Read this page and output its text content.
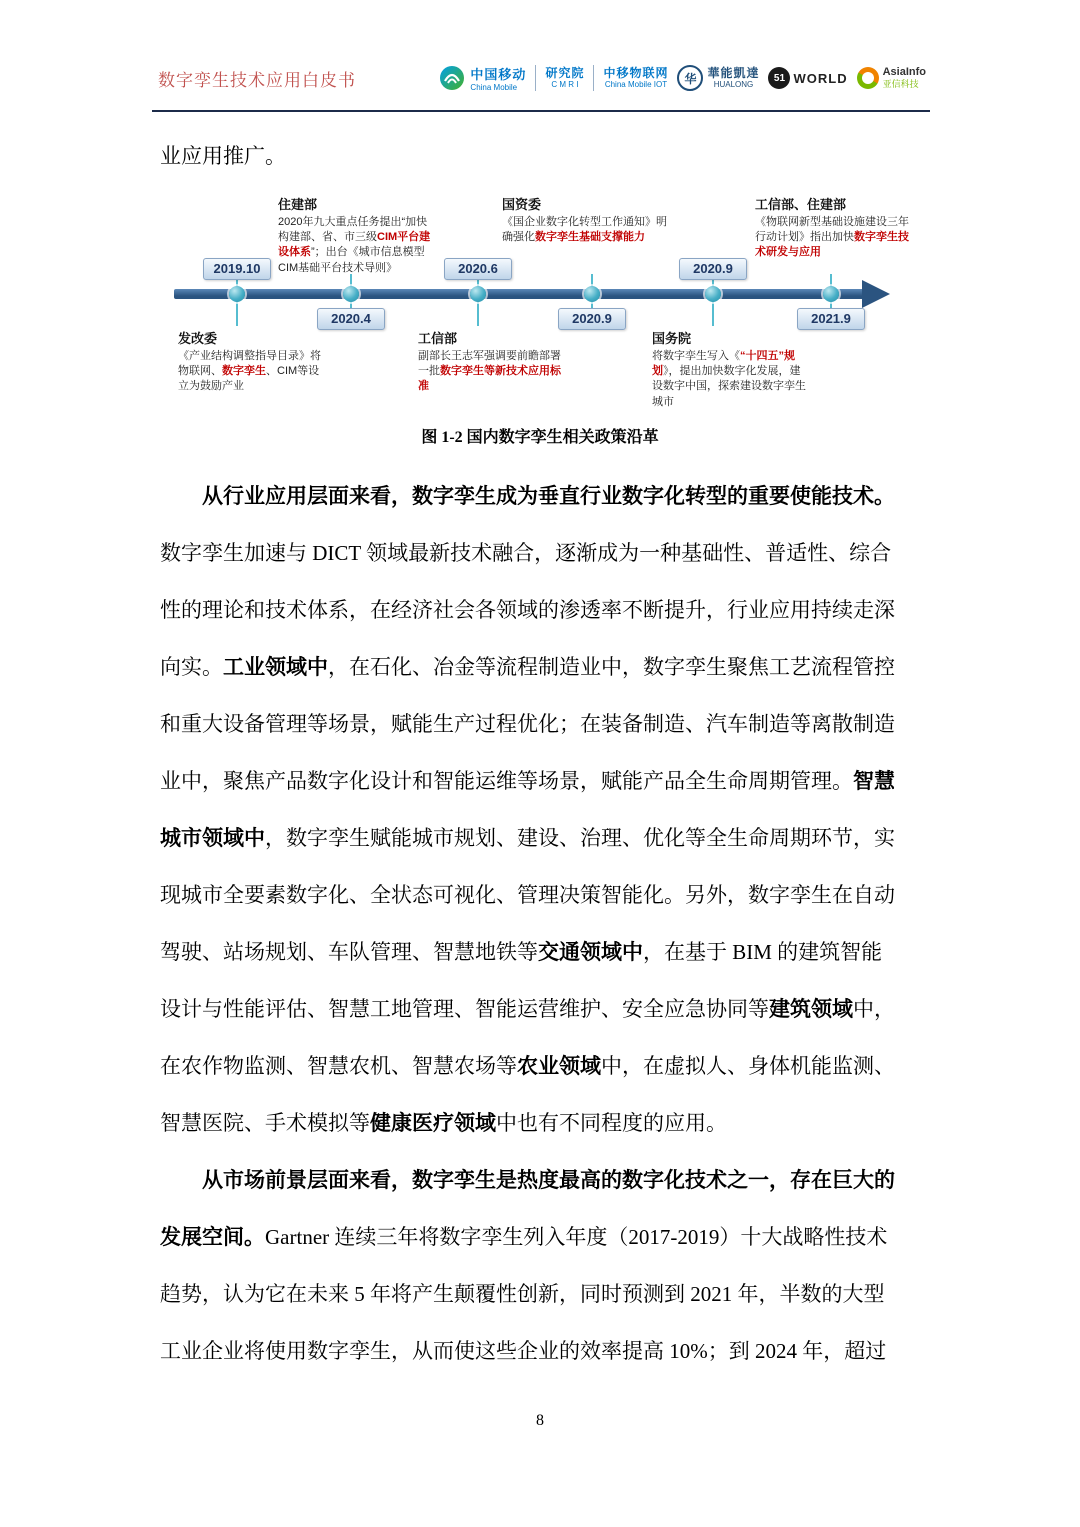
数字孪生技术应用白皮书	中国移动
China Mobile
研究院
C M R I
中移物联网
China Mobile IOT 华 華能凱達
HUALONG
51 WORLD	AsiaInfo
亚信科技
业应用推广。
2019.10
发改委
《产业结构调整指导目录》将物联网、数字孪生、CIM等设立为鼓励产业
2020.4
住建部
2020年九大重点任务提出“加快构建部、省、市三级CIM平台建设体系”；出台《城市信息模型CIM基础平台技术导则》	2020.6
工信部
副部长王志军强调要前瞻部署一批数字孪生等新技术应用标准
2020.9
国资委
《国企业数字化转型工作通知》明确强化数字孪生基础支撑能力
2020.9
国务院
将数字孪生写入《“十四五”规划》，提出加快数字化发展，建设数字中国，探索建设数字孪生城市
2021.9
工信部、住建部
《物联网新型基础设施建设三年行动计划》指出加快数字孪生技术研发与应用
图 1-2 国内数字孪生相关政策沿革
从行业应用层面来看，数字孪生成为垂直行业数字化转型的重要使能技术。
数字孪生加速与 DICT 领域最新技术融合，逐渐成为一种基础性、普适性、综合
性的理论和技术体系，在经济社会各领域的渗透率不断提升，行业应用持续走深
向实。工业领域中，在石化、冶金等流程制造业中，数字孪生聚焦工艺流程管控
和重大设备管理等场景，赋能生产过程优化；在装备制造、汽车制造等离散制造
业中，聚焦产品数字化设计和智能运维等场景，赋能产品全生命周期管理。智慧
城市领域中，数字孪生赋能城市规划、建设、治理、优化等全生命周期环节，实
现城市全要素数字化、全状态可视化、管理决策智能化。另外，数字孪生在自动
驾驶、站场规划、车队管理、智慧地铁等交通领域中，在基于 BIM 的建筑智能
设计与性能评估、智慧工地管理、智能运营维护、安全应急协同等建筑领域中，
在农作物监测、智慧农机、智慧农场等农业领域中，在虚拟人、身体机能监测、
智慧医院、手术模拟等健康医疗领域中也有不同程度的应用。
从市场前景层面来看，数字孪生是热度最高的数字化技术之一，存在巨大的
发展空间。Gartner 连续三年将数字孪生列入年度（2017-2019）十大战略性技术
趋势，认为它在未来 5 年将产生颠覆性创新，同时预测到 2021 年，半数的大型
工业企业将使用数字孪生，从而使这些企业的效率提高 10%；到 2024 年，超过
8
